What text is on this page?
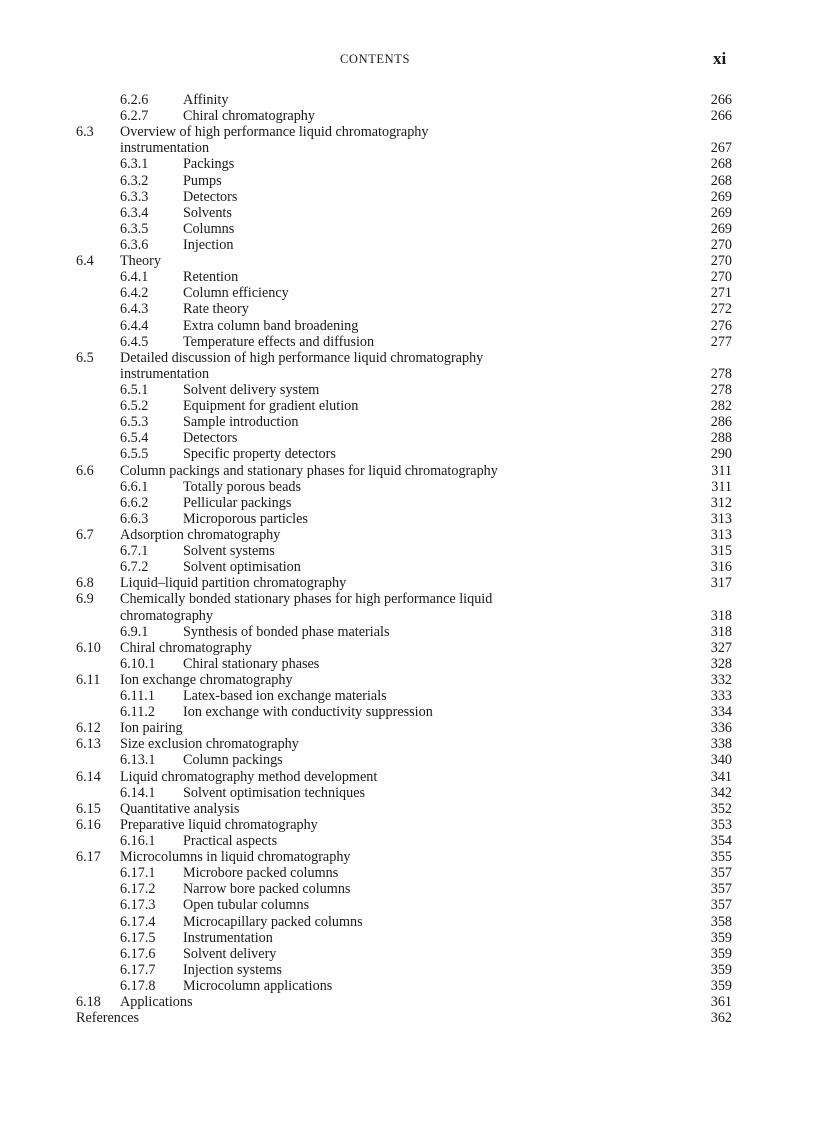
CONTENTS	xi
6.2.6 Affinity	266
6.2.7 Chiral chromatography	266
6.3 Overview of high performance liquid chromatography
instrumentation	267
6.3.1 Packings	268
6.3.2 Pumps	268
6.3.3 Detectors	269
6.3.4 Solvents	269
6.3.5 Columns	269
6.3.6 Injection	270
6.4 Theory	270
6.4.1 Retention	270
6.4.2 Column efficiency	271
6.4.3 Rate theory	272
6.4.4 Extra column band broadening	276
6.4.5 Temperature effects and diffusion	277
6.5 Detailed discussion of high performance liquid chromatography
instrumentation	278
6.5.1 Solvent delivery system	278
6.5.2 Equipment for gradient elution	282
6.5.3 Sample introduction	286
6.5.4 Detectors	288
6.5.5 Specific property detectors	290
6.6 Column packings and stationary phases for liquid chromatography	311
6.6.1 Totally porous beads	311
6.6.2 Pellicular packings	312
6.6.3 Microporous particles	313
6.7 Adsorption chromatography	313
6.7.1 Solvent systems	315
6.7.2 Solvent optimisation	316
6.8 Liquid–liquid partition chromatography	317
6.9 Chemically bonded stationary phases for high performance liquid
chromatography	318
6.9.1 Synthesis of bonded phase materials	318
6.10 Chiral chromatography	327
6.10.1 Chiral stationary phases	328
6.11 Ion exchange chromatography	332
6.11.1 Latex-based ion exchange materials	333
6.11.2 Ion exchange with conductivity suppression	334
6.12 Ion pairing	336
6.13 Size exclusion chromatography	338
6.13.1 Column packings	340
6.14 Liquid chromatography method development	341
6.14.1 Solvent optimisation techniques	342
6.15 Quantitative analysis	352
6.16 Preparative liquid chromatography	353
6.16.1 Practical aspects	354
6.17 Microcolumns in liquid chromatography	355
6.17.1 Microbore packed columns	357
6.17.2 Narrow bore packed columns	357
6.17.3 Open tubular columns	357
6.17.4 Microcapillary packed columns	358
6.17.5 Instrumentation	359
6.17.6 Solvent delivery	359
6.17.7 Injection systems	359
6.17.8 Microcolumn applications	359
6.18 Applications	361
References	362
